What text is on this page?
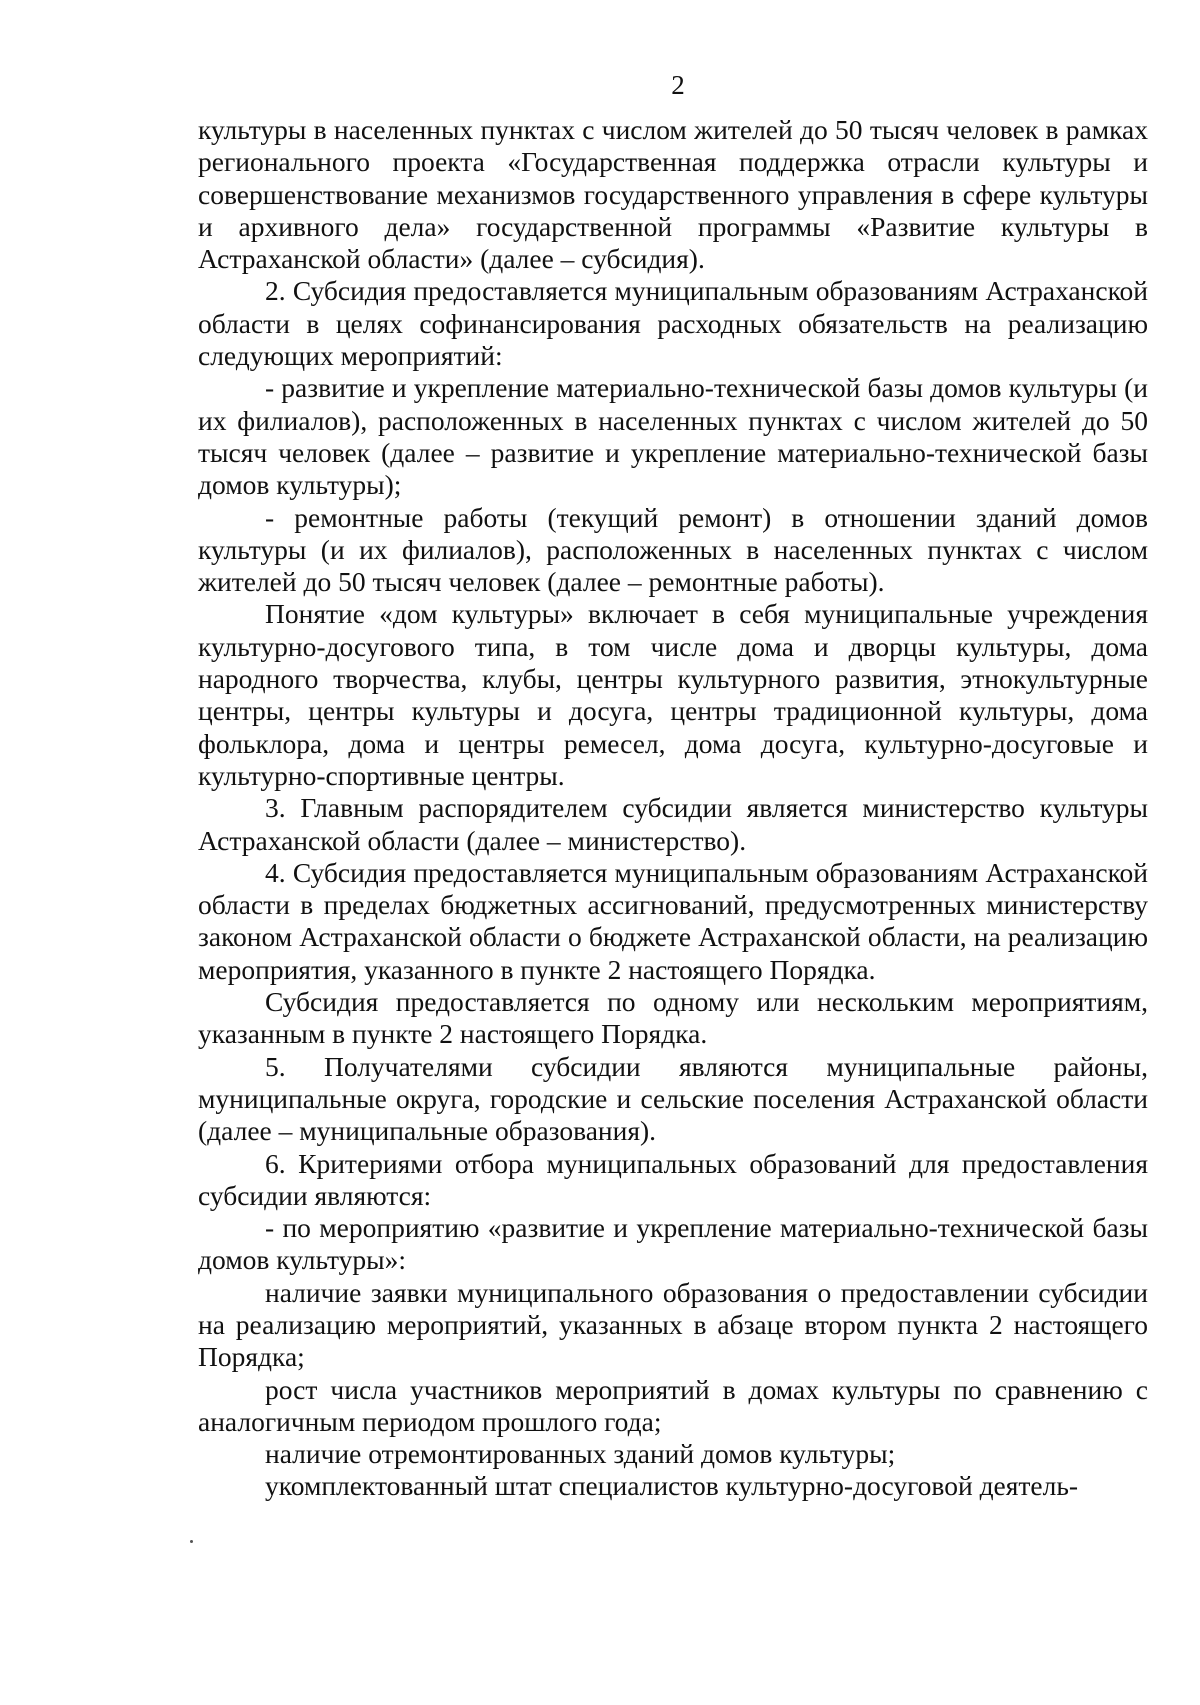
2

культуры в населенных пунктах с числом жителей до 50 тысяч человек в рамках регионального проекта «Государственная поддержка отрасли культуры и совершенствование механизмов государственного управления в сфере культуры и архивного дела» государственной программы «Развитие культуры в Астраханской области» (далее – субсидия).

2. Субсидия предоставляется муниципальным образованиям Астраханской области в целях софинансирования расходных обязательств на реализацию следующих мероприятий:

- развитие и укрепление материально-технической базы домов культуры (и их филиалов), расположенных в населенных пунктах с числом жителей до 50 тысяч человек (далее – развитие и укрепление материально-технической базы домов культуры);

- ремонтные работы (текущий ремонт) в отношении зданий домов культуры (и их филиалов), расположенных в населенных пунктах с числом жителей до 50 тысяч человек (далее – ремонтные работы).

Понятие «дом культуры» включает в себя муниципальные учреждения культурно-досугового типа, в том числе дома и дворцы культуры, дома народного творчества, клубы, центры культурного развития, этнокультурные центры, центры культуры и досуга, центры традиционной культуры, дома фольклора, дома и центры ремесел, дома досуга, культурно-досуговые и культурно-спортивные центры.

3. Главным распорядителем субсидии является министерство культуры Астраханской области (далее – министерство).

4. Субсидия предоставляется муниципальным образованиям Астраханской области в пределах бюджетных ассигнований, предусмотренных министерству законом Астраханской области о бюджете Астраханской области, на реализацию мероприятия, указанного в пункте 2 настоящего Порядка.

Субсидия предоставляется по одному или нескольким мероприятиям, указанным в пункте 2 настоящего Порядка.

5. Получателями субсидии являются муниципальные районы, муниципальные округа, городские и сельские поселения Астраханской области (далее – муниципальные образования).

6. Критериями отбора муниципальных образований для предоставления субсидии являются:

- по мероприятию «развитие и укрепление материально-технической базы домов культуры»:

наличие заявки муниципального образования о предоставлении субсидии на реализацию мероприятий, указанных в абзаце втором пункта 2 настоящего Порядка;

рост числа участников мероприятий в домах культуры по сравнению с аналогичным периодом прошлого года;

наличие отремонтированных зданий домов культуры;

укомплектованный штат специалистов культурно-досуговой деятель-
